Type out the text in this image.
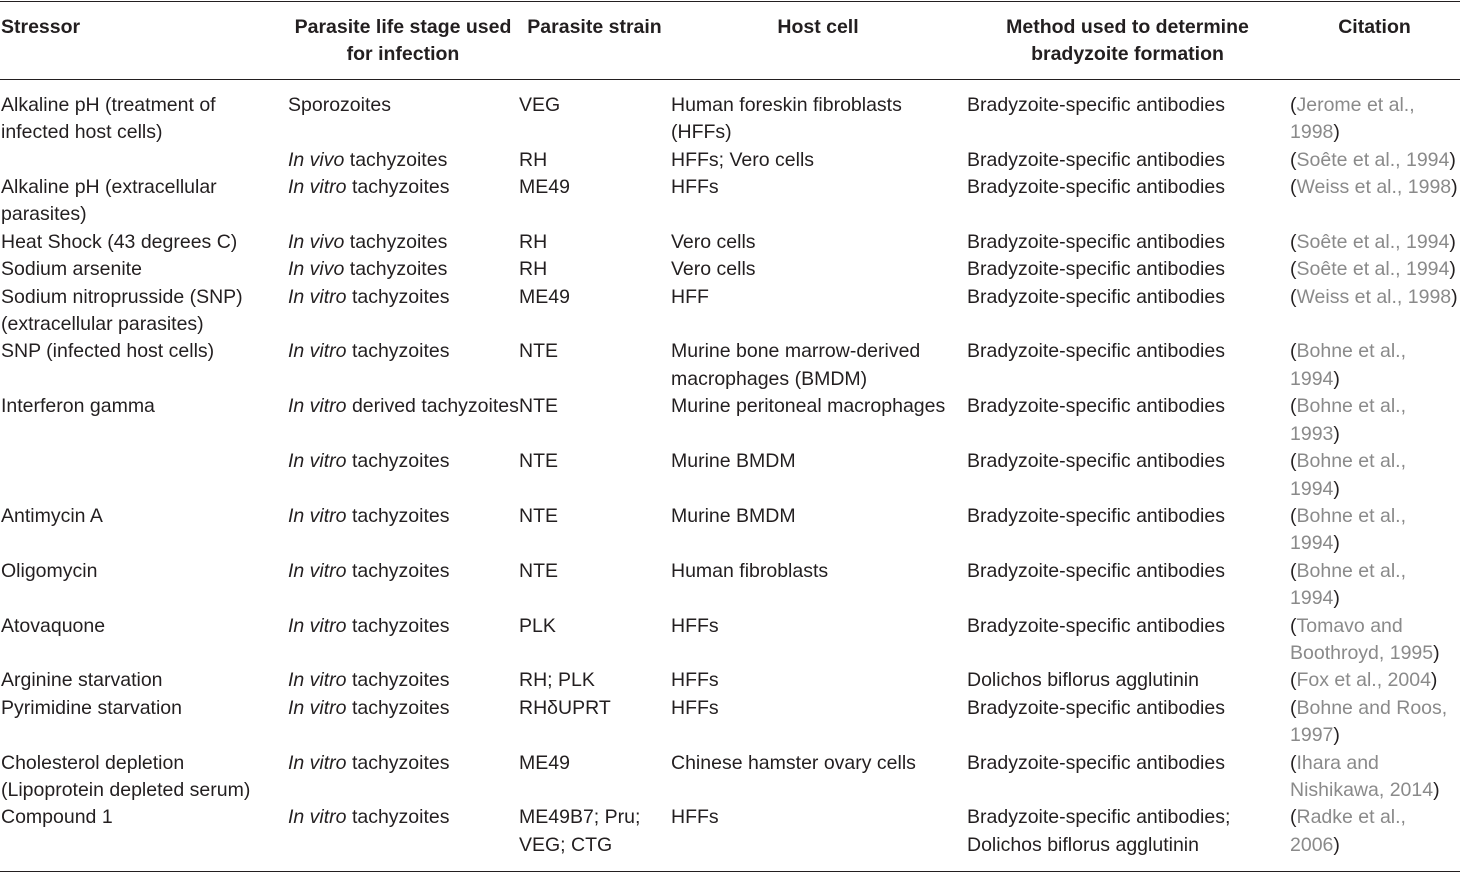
Stressor	Parasite life stage used for infection	Parasite strain	Host cell	Method used to determine bradyzoite formation	Citation
Alkaline pH (treatment of infected host cells)	Sporozoites	VEG	Human foreskin fibroblasts (HFFs)	Bradyzoite-specific antibodies	(Jerome et al., 1998)
	In vivo tachyzoites	RH	HFFs; Vero cells	Bradyzoite-specific antibodies	(Soête et al., 1994)
Alkaline pH (extracellular parasites)	In vitro tachyzoites	ME49	HFFs	Bradyzoite-specific antibodies	(Weiss et al., 1998)
Heat Shock (43 degrees C)	In vivo tachyzoites	RH	Vero cells	Bradyzoite-specific antibodies	(Soête et al., 1994)
Sodium arsenite	In vivo tachyzoites	RH	Vero cells	Bradyzoite-specific antibodies	(Soête et al., 1994)
Sodium nitroprusside (SNP) (extracellular parasites)	In vitro tachyzoites	ME49	HFF	Bradyzoite-specific antibodies	(Weiss et al., 1998)
SNP (infected host cells)	In vitro tachyzoites	NTE	Murine bone marrow-derived macrophages (BMDM)	Bradyzoite-specific antibodies	(Bohne et al., 1994)
Interferon gamma	In vitro derived tachyzoites	NTE	Murine peritoneal macrophages	Bradyzoite-specific antibodies	(Bohne et al., 1993)
	In vitro tachyzoites	NTE	Murine BMDM	Bradyzoite-specific antibodies	(Bohne et al., 1994)
Antimycin A	In vitro tachyzoites	NTE	Murine BMDM	Bradyzoite-specific antibodies	(Bohne et al., 1994)
Oligomycin	In vitro tachyzoites	NTE	Human fibroblasts	Bradyzoite-specific antibodies	(Bohne et al., 1994)
Atovaquone	In vitro tachyzoites	PLK	HFFs	Bradyzoite-specific antibodies	(Tomavo and Boothroyd, 1995)
Arginine starvation	In vitro tachyzoites	RH; PLK	HFFs	Dolichos biflorus agglutinin	(Fox et al., 2004)
Pyrimidine starvation	In vitro tachyzoites	RHδUPRT	HFFs	Bradyzoite-specific antibodies	(Bohne and Roos, 1997)
Cholesterol depletion (Lipoprotein depleted serum)	In vitro tachyzoites	ME49	Chinese hamster ovary cells	Bradyzoite-specific antibodies	(Ihara and Nishikawa, 2014)
Compound 1	In vitro tachyzoites	ME49B7; Pru; VEG; CTG	HFFs	Bradyzoite-specific antibodies; Dolichos biflorus agglutinin	(Radke et al., 2006)
